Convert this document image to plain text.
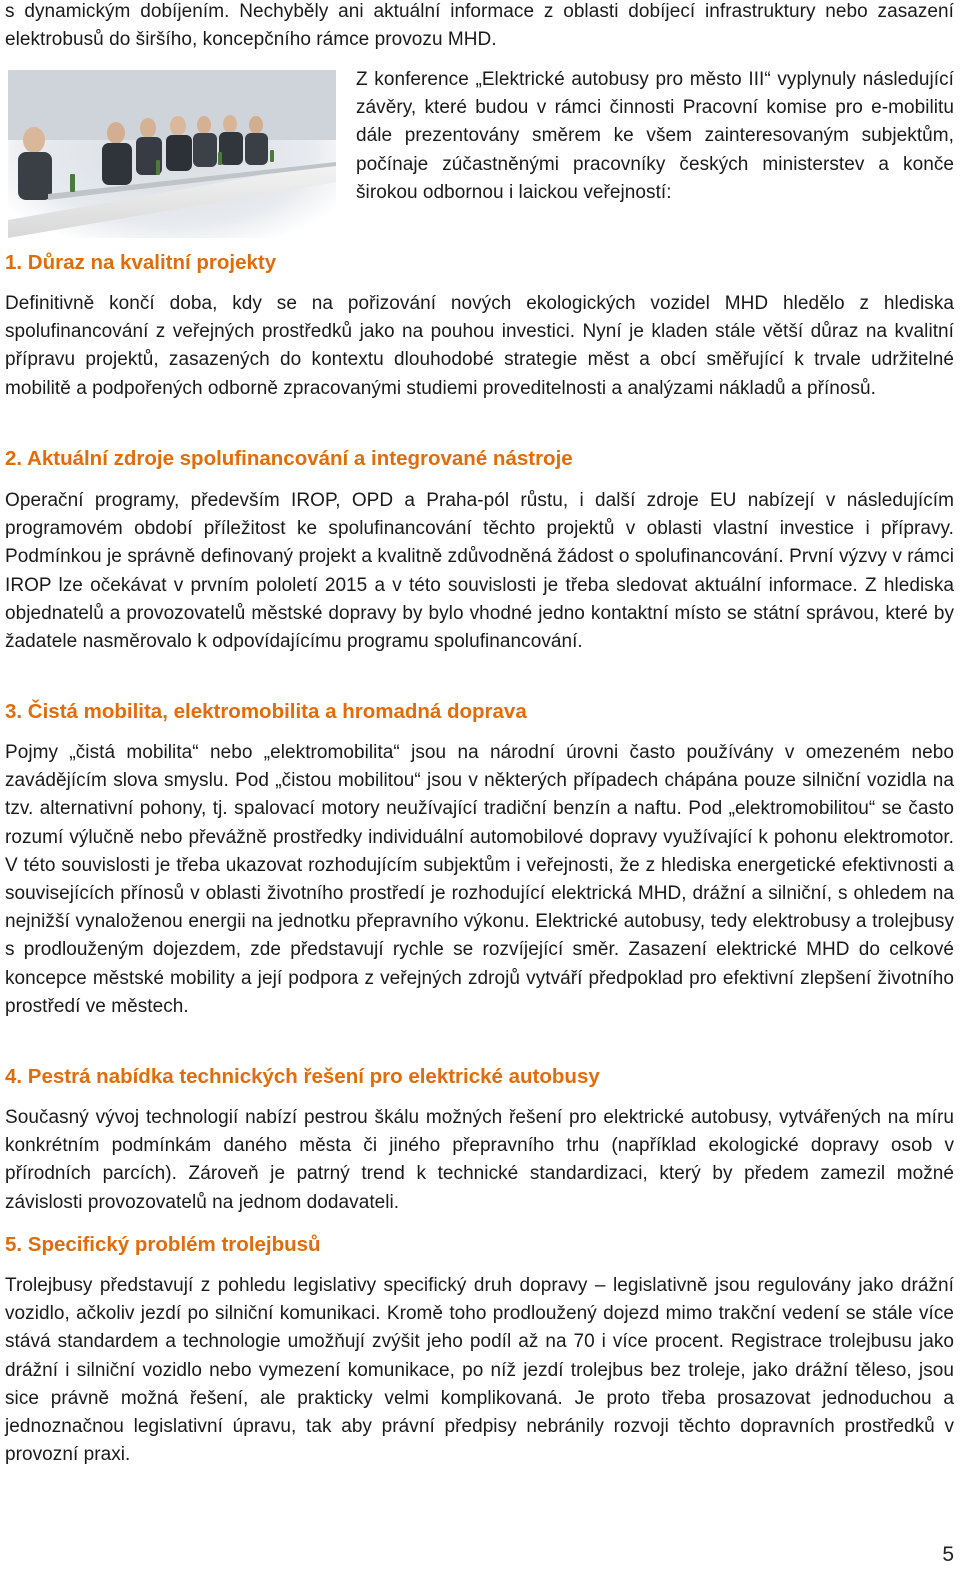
s dynamickým dobíjením. Nechyběly ani aktuální informace z oblasti dobíjecí infrastruktury nebo zasazení elektrobusů do širšího, koncepčního rámce provozu MHD.

Z konference „Elektrické autobusy pro město III“ vyplynuly následující závěry, které budou v rámci činnosti Pracovní komise pro e-mobilitu dále prezentovány směrem ke všem zainteresovaným subjektům, počínaje zúčastněnými pracovníky českých ministerstev a konče širokou odbornou i laickou veřejností:

1. Důraz na kvalitní projekty

Definitivně končí doba, kdy se na pořizování nových ekologických vozidel MHD hledělo z hlediska spolufinancování z veřejných prostředků jako na pouhou investici. Nyní je kladen stále větší důraz na kvalitní přípravu projektů, zasazených do kontextu dlouhodobé strategie měst a obcí směřující k trvale udržitelné mobilitě a podpořených odborně zpracovanými studiemi proveditelnosti a analýzami nákladů a přínosů.

2. Aktuální zdroje spolufinancování a integrované nástroje

Operační programy, především IROP, OPD a Praha-pól růstu, i další zdroje EU nabízejí v následujícím programovém období příležitost ke spolufinancování těchto projektů v oblasti vlastní investice i přípravy. Podmínkou je správně definovaný projekt a kvalitně zdůvodněná žádost o spolufinancování. První výzvy v rámci IROP lze očekávat v prvním pololetí 2015 a v této souvislosti je třeba sledovat aktuální informace. Z hlediska objednatelů a provozovatelů městské dopravy by bylo vhodné jedno kontaktní místo se státní správou, které by žadatele nasměrovalo k odpovídajícímu programu spolufinancování.

3. Čistá mobilita, elektromobilita a hromadná doprava

Pojmy „čistá mobilita“ nebo „elektromobilita“ jsou na národní úrovni často používány v omezeném nebo zavádějícím slova smyslu. Pod „čistou mobilitou“ jsou v některých případech chápána pouze silniční vozidla na tzv. alternativní pohony, tj. spalovací motory neužívající tradiční benzín a naftu. Pod „elektromobilitou“ se často rozumí výlučně nebo převážně prostředky individuální automobilové dopravy využívající k pohonu elektromotor. V této souvislosti je třeba ukazovat rozhodujícím subjektům i veřejnosti, že z hlediska energetické efektivnosti a souvisejících přínosů v oblasti životního prostředí je rozhodující elektrická MHD, drážní a silniční, s ohledem na nejnižší vynaloženou energii na jednotku přepravního výkonu. Elektrické autobusy, tedy elektrobusy a trolejbusy s prodlouženým dojezdem, zde představují rychle se rozvíjející směr. Zasazení elektrické MHD do celkové koncepce městské mobility a její podpora z veřejných zdrojů vytváří předpoklad pro efektivní zlepšení životního prostředí ve městech.

4. Pestrá nabídka technických řešení pro elektrické autobusy

Současný vývoj technologií nabízí pestrou škálu možných řešení pro elektrické autobusy, vytvářených na míru konkrétním podmínkám daného města či jiného přepravního trhu (například ekologické dopravy osob v přírodních parcích). Zároveň je patrný trend k technické standardizaci, který by předem zamezil možné závislosti provozovatelů na jednom dodavateli.

5. Specifický problém trolejbusů

Trolejbusy představují z pohledu legislativy specifický druh dopravy – legislativně jsou regulovány jako drážní vozidlo, ačkoliv jezdí po silniční komunikaci. Kromě toho prodloužený dojezd mimo trakční vedení se stále více stává standardem a technologie umožňují zvýšit jeho podíl až na 70 i více procent. Registrace trolejbusu jako drážní i silniční vozidlo nebo vymezení komunikace, po níž jezdí trolejbus bez troleje, jako drážní těleso, jsou sice právně možná řešení, ale prakticky velmi komplikovaná. Je proto třeba prosazovat jednoduchou a jednoznačnou legislativní úpravu, tak aby právní předpisy nebránily rozvoji těchto dopravních prostředků v provozní praxi.

5
